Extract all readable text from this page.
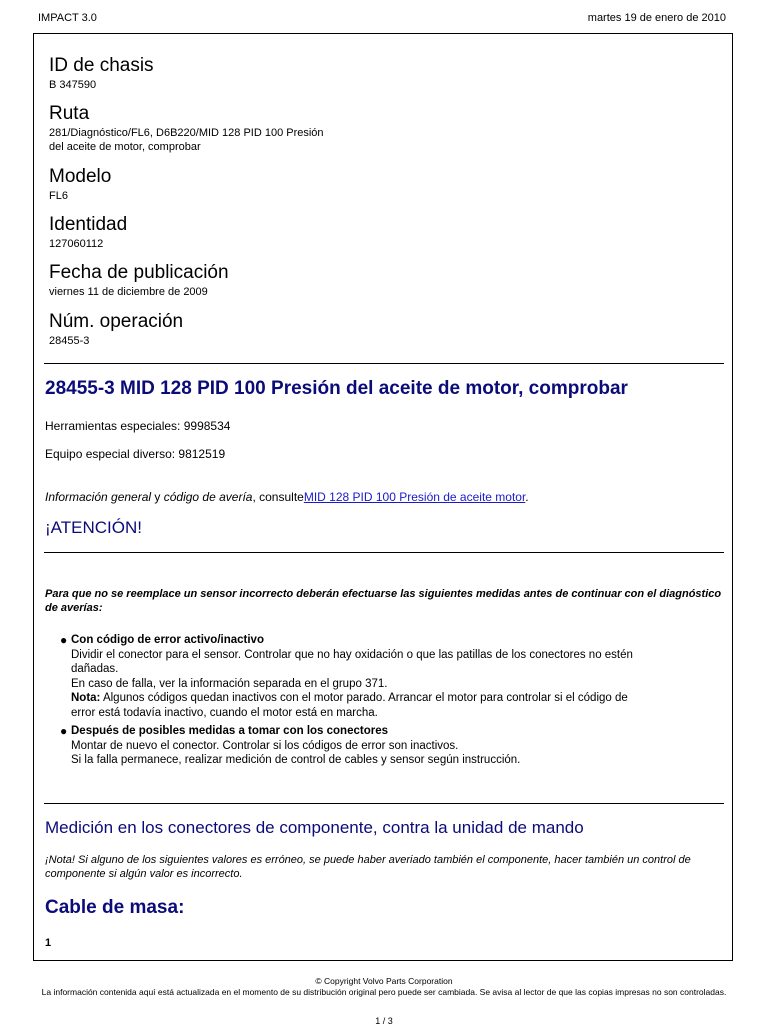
IMPACT 3.0	martes 19 de enero de 2010
ID de chasis
B 347590
Ruta
281/Diagnóstico/FL6, D6B220/MID 128 PID 100 Presión
del aceite de motor, comprobar
Modelo
FL6
Identidad
127060112
Fecha de publicación
viernes 11 de diciembre de 2009
Núm. operación
28455-3
28455-3 MID 128 PID 100 Presión del aceite de motor, comprobar
Herramientas especiales: 9998534
Equipo especial diverso: 9812519
Información general y código de avería, consulteMID 128 PID 100 Presión de aceite motor.
¡ATENCIÓN!
Para que no se reemplace un sensor incorrecto deberán efectuarse las siguientes medidas antes de continuar con el diagnóstico de averías:
● Con código de error activo/inactivo
Dividir el conector para el sensor. Controlar que no hay oxidación o que las patillas de los conectores no estén
dañadas.
En caso de falla, ver la información separada en el grupo 371.
Nota: Algunos códigos quedan inactivos con el motor parado. Arrancar el motor para controlar si el código de
error está todavía inactivo, cuando el motor está en marcha.
● Después de posibles medidas a tomar con los conectores
Montar de nuevo el conector. Controlar si los códigos de error son inactivos.
Si la falla permanece, realizar medición de control de cables y sensor según instrucción.
Medición en los conectores de componente, contra la unidad de mando
¡Nota! Si alguno de los siguientes valores es erróneo, se puede haber averiado también el componente, hacer también un control de componente si algún valor es incorrecto.
Cable de masa:
1
© Copyright Volvo Parts Corporation
La información contenida aquí está actualizada en el momento de su distribución original pero puede ser cambiada. Se avisa al lector de que las copias impresas no son controladas.
1 / 3
